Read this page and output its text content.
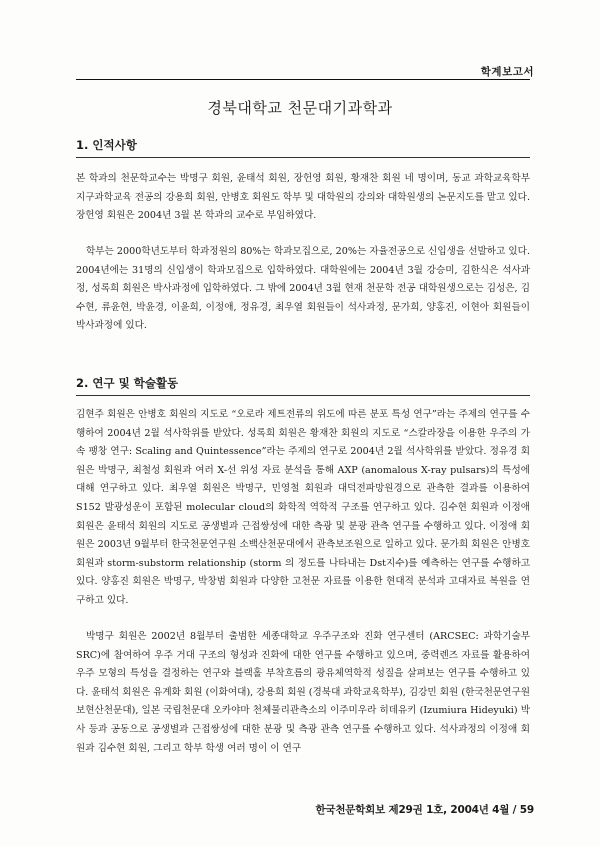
학계보고서
경북대학교 천문대기과학과
1. 인적사항

본 학과의 천문학교수는 박명구 회원, 윤태석 회원, 장헌영 회원, 황재찬 회원 네 명이며, 동교 과학교육학부 지구과학교육 전공의 강용희 회원, 안병호 회원도 학부 및 대학원의 강의와 대학원생의 논문지도를 맡고 있다. 장헌영 회원은 2004년 3월 본 학과의 교수로 부임하였다.

학부는 2000학년도부터 학과정원의 80%는 학과모집으로, 20%는 자율전공으로 신입생을 선발하고 있다. 2004년에는 31명의 신입생이 학과모집으로 입학하였다. 대학원에는 2004년 3월 강승미, 김한식은 석사과정, 성록희 회원은 박사과정에 입학하였다. 그 밖에 2004년 3월 현재 천문학 전공 대학원생으로는 김성은, 김수현, 류윤현, 박윤경, 이윤희, 이정애, 정유경, 최우열 회원들이 석사과정, 문가희, 양홍진, 이현아 회원들이 박사과정에 있다.

2. 연구 및 학술활동

김현주 회원은 안병호 회원의 지도로 “오로라 제트전류의 위도에 따른 분포 특성 연구”라는 주제의 연구를 수행하여 2004년 2월 석사학위를 받았다. 성록희 회원은 황재찬 회원의 지도로 “스칼라장을 이용한 우주의 가속 팽창 연구: Scaling and Quintessence”라는 주제의 연구로 2004년 2월 석사학위를 받았다. 정유경 회원은 박명구, 최철성 회원과 여러 X-선 위성 자료 분석을 통해 AXP (anomalous X-ray pulsars)의 특성에 대해 연구하고 있다. 최우열 회원은 박명구, 민영철 회원과 대덕전파망원경으로 관측한 결과를 이용하여 S152 발광성운이 포함된 molecular cloud의 화학적 역학적 구조를 연구하고 있다. 김수현 회원과 이정애 회원은 윤태석 회원의 지도로 공생별과 근접쌍성에 대한 측광 및 분광 관측 연구를 수행하고 있다. 이정애 회원은 2003년 9월부터 한국천문연구원 소백산천문대에서 관측보조원으로 일하고 있다. 문가희 회원은 안병호 회원과 storm-substorm relationship (storm 의 정도를 나타내는 Dst지수)를 예측하는 연구를 수행하고 있다. 양홍진 회원은 박명구, 박창범 회원과 다양한 고천문 자료를 이용한 현대적 분석과 고대자료 복원을 연구하고 있다.

박명구 회원은 2002년 8월부터 출범한 세종대학교 우주구조와 진화 연구센터 (ARCSEC: 과학기술부 SRC)에 참여하여 우주 거대 구조의 형성과 진화에 대한 연구를 수행하고 있으며, 중력렌즈 자료를 활용하여 우주 모형의 특성을 결정하는 연구와 블랙홀 부착흐름의 광유체역학적 성질을 살펴보는 연구를 수행하고 있다. 윤태석 회원은 유계화 회원 (이화여대), 강용희 회원 (경북대 과학교육학부), 김강민 회원 (한국천문연구원 보현산천문대), 일본 국립천문대 오카야마 천체물리관측소의 이주미우라 히데유키 (Izumiura Hideyuki) 박사 등과 공동으로 공생별과 근접쌍성에 대한 분광 및 측광 관측 연구를 수행하고 있다. 석사과정의 이정애 회원과 김수현 회원, 그리고 학부 학생 여러 명이 이 연구

한국천문학회보 제29권 1호, 2004년 4월 / 59
